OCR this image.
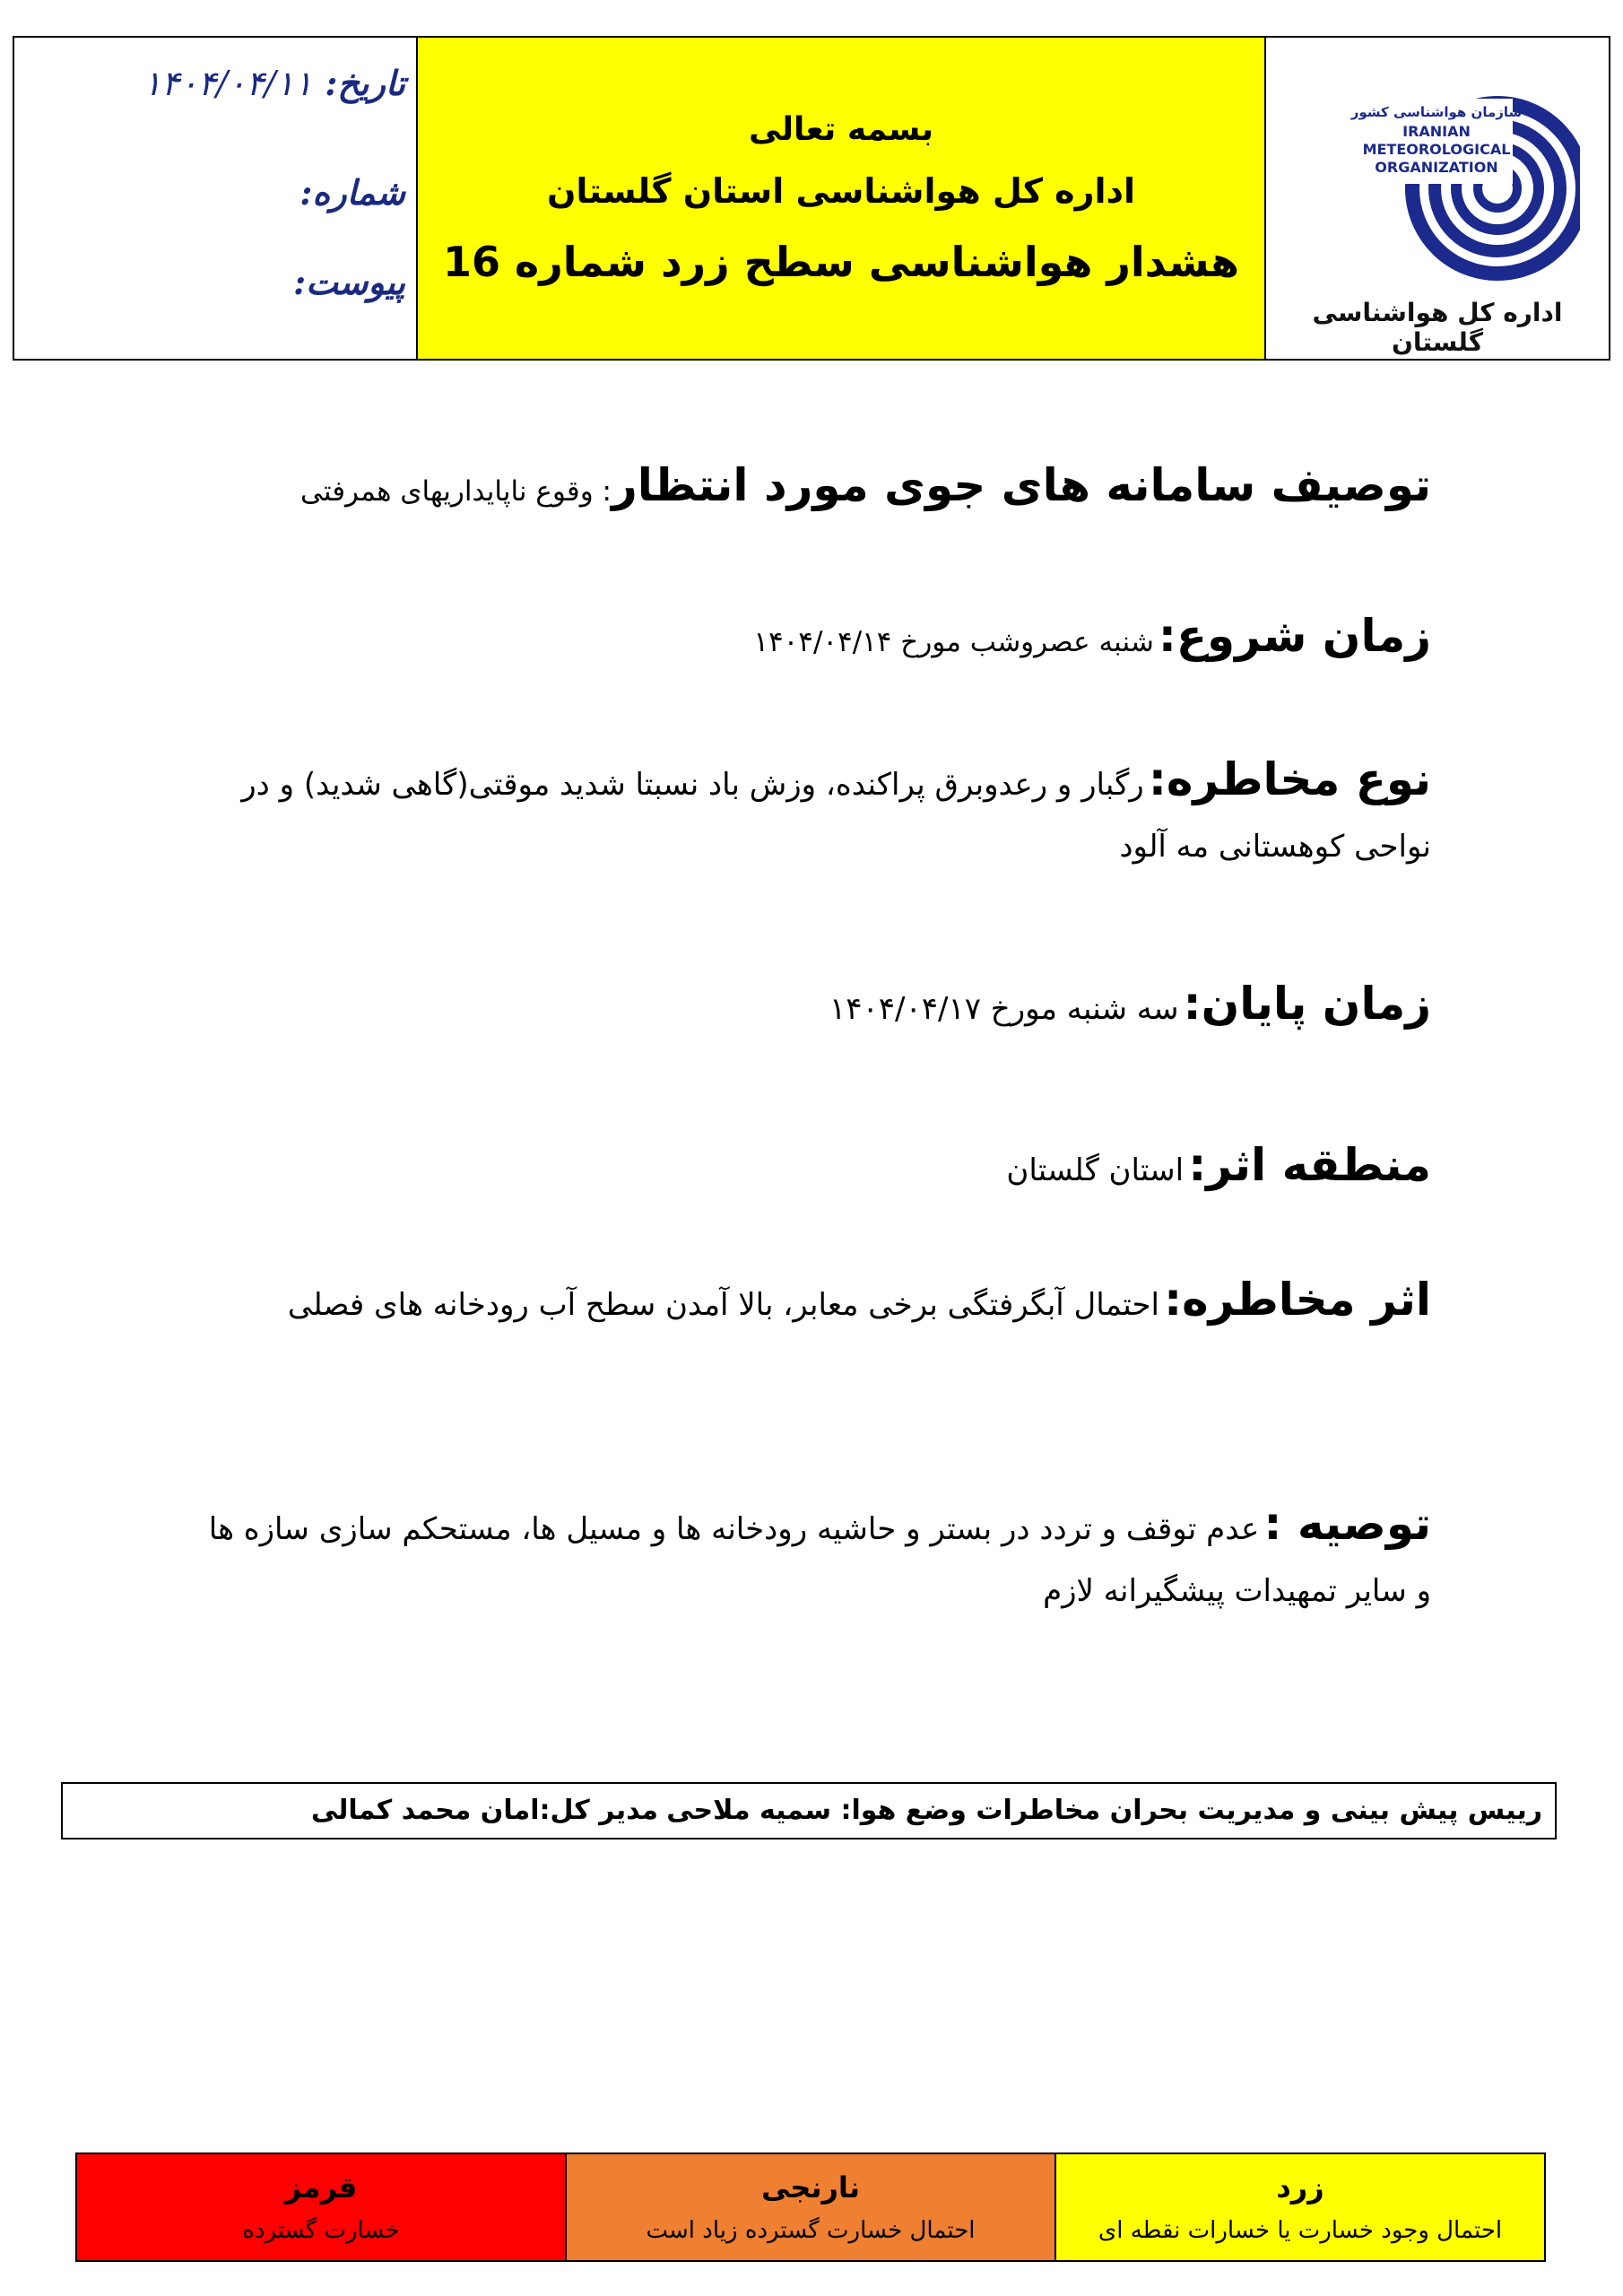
تاریخ:۱۴۰۴/۰۴/۱۱
شماره:
پیوست:
بسمه تعالی
اداره کل هواشناسی استان گلستان
هشدار هواشناسی سطح زرد شماره 16
سازمان هواشناسی کشور
IRANIAN
METEOROLOGICAL
ORGANIZATION
اداره کل هواشناسی گلستان
توصیف سامانه های جوی مورد انتظار: وقوع ناپایداریهای همرفتی
زمان شروع: شنبه عصروشب مورخ ۱۴۰۴/۰۴/۱۴
نوع مخاطره: رگبار و رعدوبرق پراکنده، وزش باد نسبتا شدید موقتی(گاهی شدید) و در نواحی کوهستانی مه آلود
زمان پایان: سه شنبه مورخ ۱۴۰۴/۰۴/۱۷
منطقه اثر: استان گلستان
اثر مخاطره: احتمال آبگرفتگی برخی معابر، بالا آمدن سطح آب رودخانه های فصلی
توصیه : عدم توقف و تردد در بستر و حاشیه رودخانه ها و مسیل ها، مستحکم سازی سازه ها و سایر تمهیدات پیشگیرانه لازم
رییس پیش بینی و مدیریت بحران مخاطرات وضع هوا: سمیه ملاحی
مدیر کل:امان محمد کمالی
قرمز
خسارت گسترده
نارنجی
احتمال خسارت گسترده زیاد است
زرد
احتمال وجود خسارت یا خسارات نقطه ای
